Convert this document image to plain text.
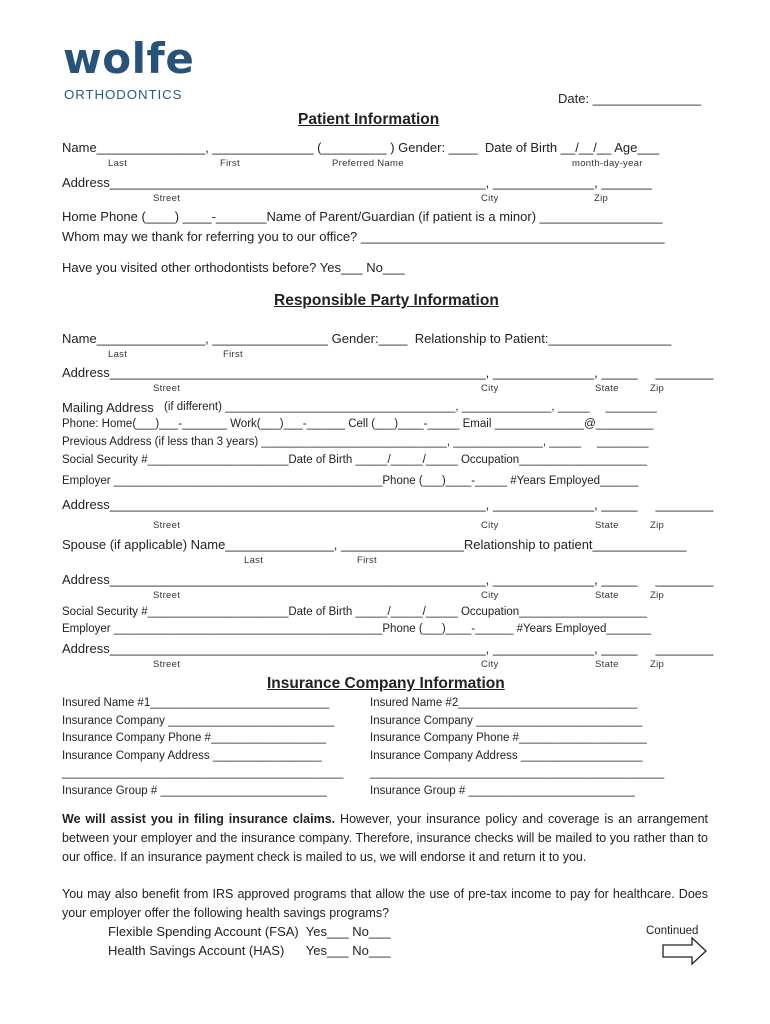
wolfe
ORTHODONTICS	Date: _______________
Patient Information
Name_______________, ______________ (_________ ) Gender: ____  Date of Birth __/__/__ Age___
Last	First	Preferred Name	month-day-year
Address____________________________________________________, ______________, _______
Street	City	Zip
Home Phone (____) ____-_______Name of Parent/Guardian (if patient is a minor) _________________
Whom may we thank for referring you to our office? __________________________________________
Have you visited other orthodontists before? Yes___ No___
Responsible Party Information
Name_______________, ________________ Gender:____  Relationship to Patient:_________________
Last	First
Address____________________________________________________, ______________, _____     ________
Street	City	State	Zip
Mailing Address (if different) ____________________________________, ______________, _____     ________
Phone: Home(___)___-_______ Work(___)___-______ Cell (___)____-_____ Email ______________@_________
Previous Address (if less than 3 years) _____________________________, ______________, _____     ________
Social Security #______________________Date of Birth _____/_____/_____ Occupation____________________
Employer __________________________________________Phone (___)____-_____ #Years Employed______
Address____________________________________________________, ______________, _____     ________
Street	City	State	Zip
Spouse (if applicable) Name_______________, _________________Relationship to patient_____________
Last	First
Address____________________________________________________, ______________, _____     ________
Street	City	State	Zip
Social Security #______________________Date of Birth _____/_____/_____ Occupation____________________
Employer __________________________________________Phone (___)____-______ #Years Employed_______
Address____________________________________________________, ______________, _____     ________
Street	City	State	Zip
Insurance Company Information
Insured Name #1____________________________
Insurance Company __________________________
Insurance Company Phone #__________________
Insurance Company Address _________________
____________________________________________
Insurance Group # __________________________
Insured Name #2____________________________
Insurance Company __________________________
Insurance Company Phone #____________________
Insurance Company Address ___________________
______________________________________________
Insurance Group # __________________________
We will assist you in filing insurance claims. However, your insurance policy and coverage is an arrangement between your employer and the insurance company. Therefore, insurance checks will be mailed to you rather than to our office. If an insurance payment check is mailed to us, we will endorse it and return it to you.
You may also benefit from IRS approved programs that allow the use of pre-tax income to pay for healthcare. Does your employer offer the following health savings programs?
Flexible Spending Account (FSA)  Yes___ No___
Health Savings Account (HAS)      Yes___ No___
Continued
